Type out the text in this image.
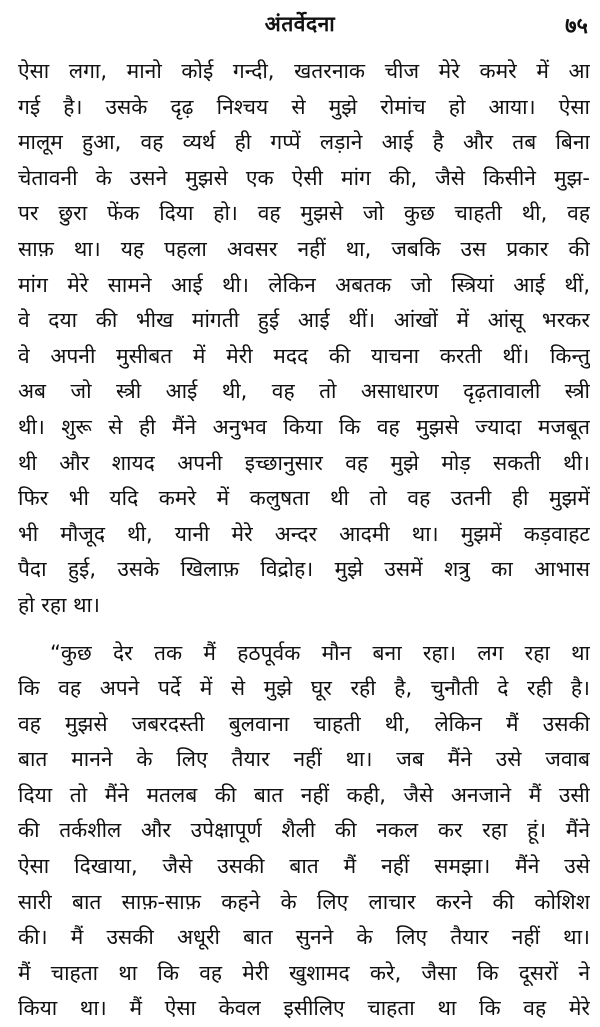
अंतर्वेदना	७५
ऐसा लगा, मानो कोई गन्दी, खतरनाक चीज मेरे कमरे में आ
गई है। उसके दृढ़ निश्चय से मुझे रोमांच हो आया। ऐसा
मालूम हुआ, वह व्यर्थ ही गप्पें लड़ाने आई है और तब बिना
चेतावनी के उसने मुझसे एक ऐसी मांग की, जैसे किसीने मुझ-
पर छुरा फेंक दिया हो। वह मुझसे जो कुछ चाहती थी, वह
साफ़ था। यह पहला अवसर नहीं था, जबकि उस प्रकार की
मांग मेरे सामने आई थी। लेकिन अबतक जो स्त्रियां आई थीं,
वे दया की भीख मांगती हुई आई थीं। आंखों में आंसू भरकर
वे अपनी मुसीबत में मेरी मदद की याचना करती थीं। किन्तु
अब जो स्त्री आई थी, वह तो असाधारण दृढ़तावाली स्त्री
थी। शुरू से ही मैंने अनुभव किया कि वह मुझसे ज्यादा मजबूत
थी और शायद अपनी इच्छानुसार वह मुझे मोड़ सकती थी।
फिर भी यदि कमरे में कलुषता थी तो वह उतनी ही मुझमें
भी मौजूद थी, यानी मेरे अन्दर आदमी था। मुझमें कड़वाहट
पैदा हुई, उसके खिलाफ़ विद्रोह। मुझे उसमें शत्रु का आभास
हो रहा था।
“कुछ देर तक मैं हठपूर्वक मौन बना रहा। लग रहा था
कि वह अपने पर्दे में से मुझे घूर रही है, चुनौती दे रही है।
वह मुझसे जबरदस्ती बुलवाना चाहती थी, लेकिन मैं उसकी
बात मानने के लिए तैयार नहीं था। जब मैंने उसे जवाब
दिया तो मैंने मतलब की बात नहीं कही, जैसे अनजाने मैं उसी
की तर्कशील और उपेक्षापूर्ण शैली की नकल कर रहा हूं। मैंने
ऐसा दिखाया, जैसे उसकी बात मैं नहीं समझा। मैंने उसे
सारी बात साफ़-साफ़ कहने के लिए लाचार करने की कोशिश
की। मैं उसकी अधूरी बात सुनने के लिए तैयार नहीं था।
मैं चाहता था कि वह मेरी खुशामद करे, जैसा कि दूसरों ने
किया था। मैं ऐसा केवल इसीलिए चाहता था कि वह मेरे
